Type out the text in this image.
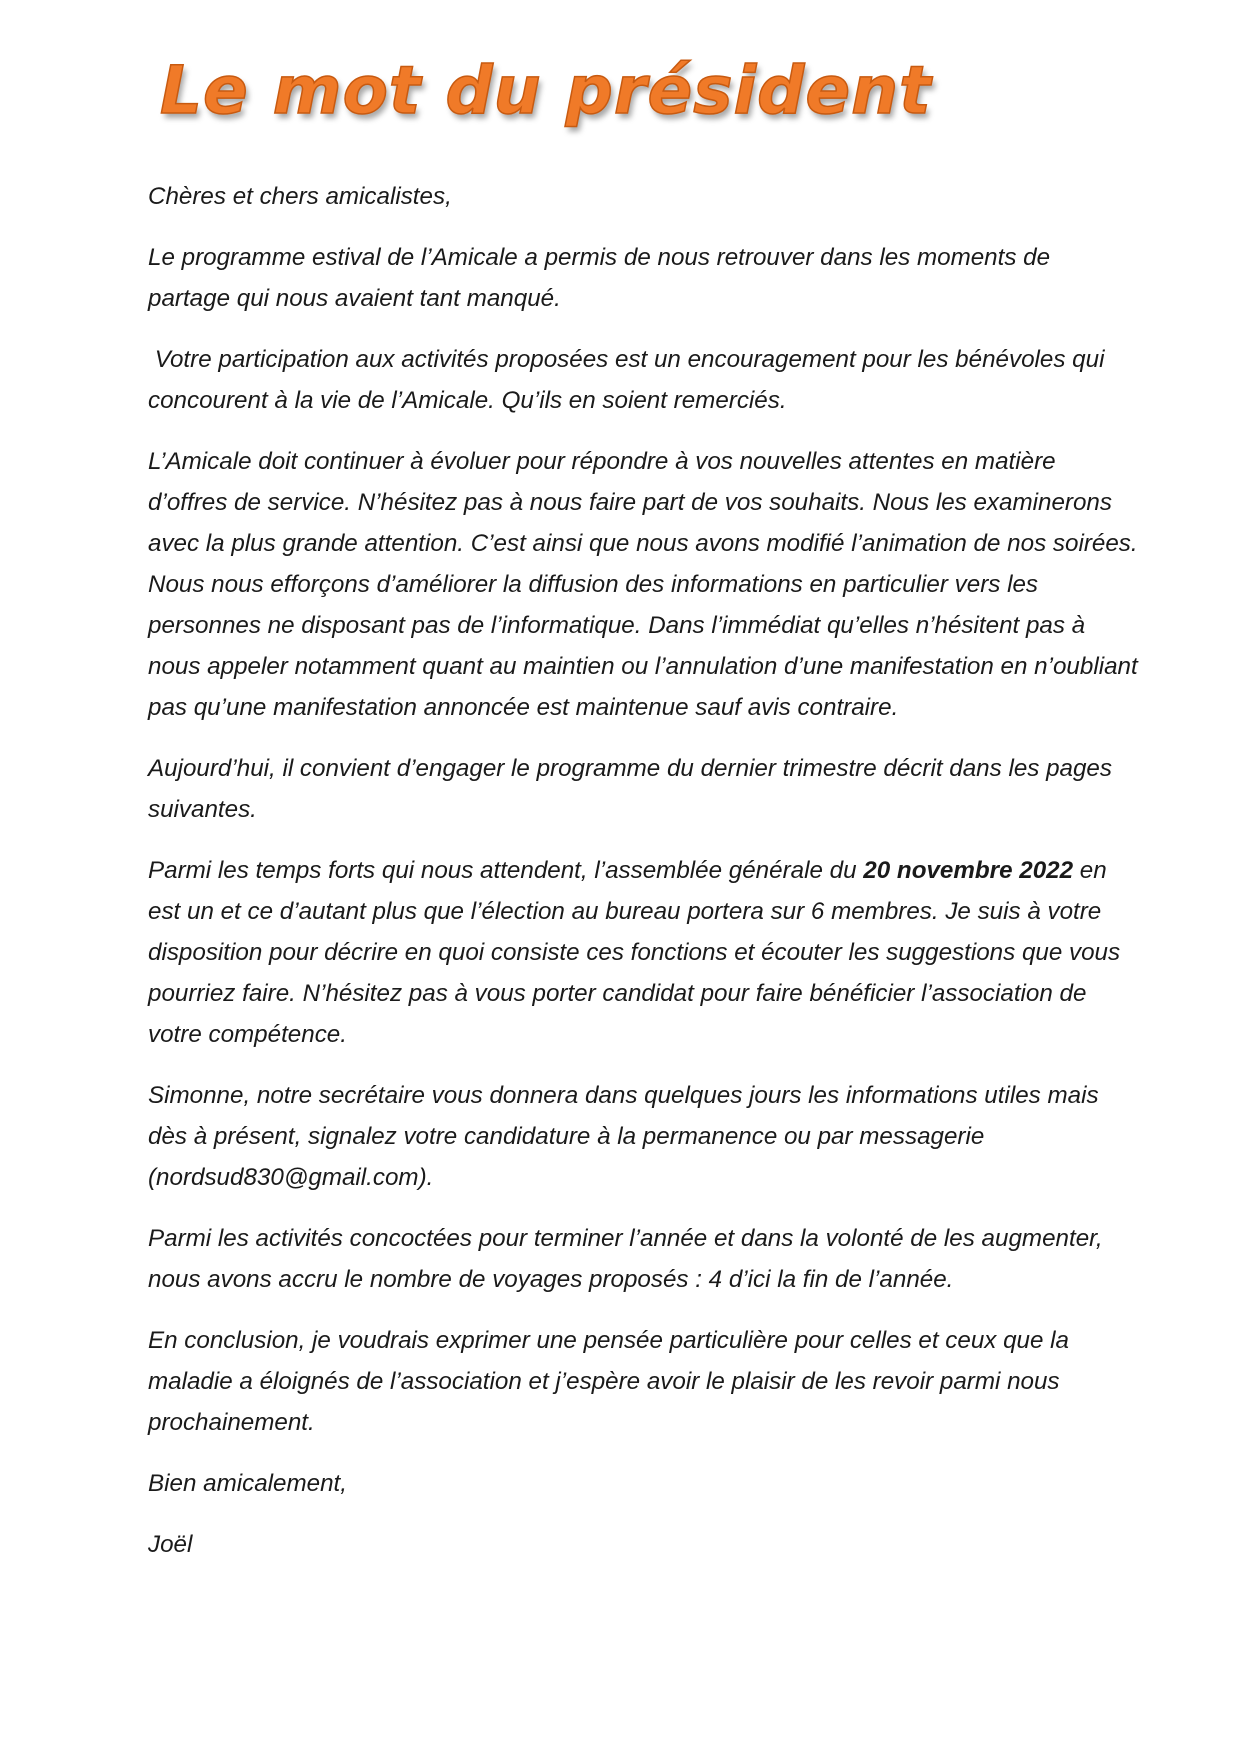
Le mot du président

Chères et chers amicalistes,

Le programme estival de l’Amicale a permis de nous retrouver dans les moments de partage qui nous avaient tant manqué.

Votre participation aux activités proposées est un encouragement pour les bénévoles qui concourent à la vie de l’Amicale. Qu’ils en soient remerciés.

L’Amicale doit continuer à évoluer pour répondre à vos nouvelles attentes en matière d’offres de service. N’hésitez pas à nous faire part de vos souhaits. Nous les examinerons avec la plus grande attention. C’est ainsi que nous avons modifié l’animation de nos soirées. Nous nous efforçons d’améliorer la diffusion des informations en particulier vers les personnes ne disposant pas de l’informatique. Dans l’immédiat qu’elles n’hésitent pas à nous appeler notamment quant au maintien ou l’annulation d’une manifestation en n’oubliant pas qu’une manifestation annoncée est maintenue sauf avis contraire.

Aujourd’hui, il convient d’engager le programme du dernier trimestre décrit dans les pages suivantes.

Parmi les temps forts qui nous attendent, l’assemblée générale du 20 novembre 2022 en est un et ce d’autant plus que l’élection au bureau portera sur 6 membres. Je suis à votre disposition pour décrire en quoi consiste ces fonctions et écouter les suggestions que vous pourriez faire. N’hésitez pas à vous porter candidat pour faire bénéficier l’association de votre compétence.

Simonne, notre secrétaire vous donnera dans quelques jours les informations utiles mais dès à présent, signalez votre candidature à la permanence ou par messagerie (nordsud830@gmail.com).

Parmi les activités concoctées pour terminer l’année et dans la volonté de les augmenter, nous avons accru le nombre de voyages proposés : 4 d’ici la fin de l’année.

En conclusion, je voudrais exprimer une pensée particulière pour celles et ceux que la maladie a éloignés de l’association et j’espère avoir le plaisir de les revoir parmi nous prochainement.

Bien amicalement,

Joël
